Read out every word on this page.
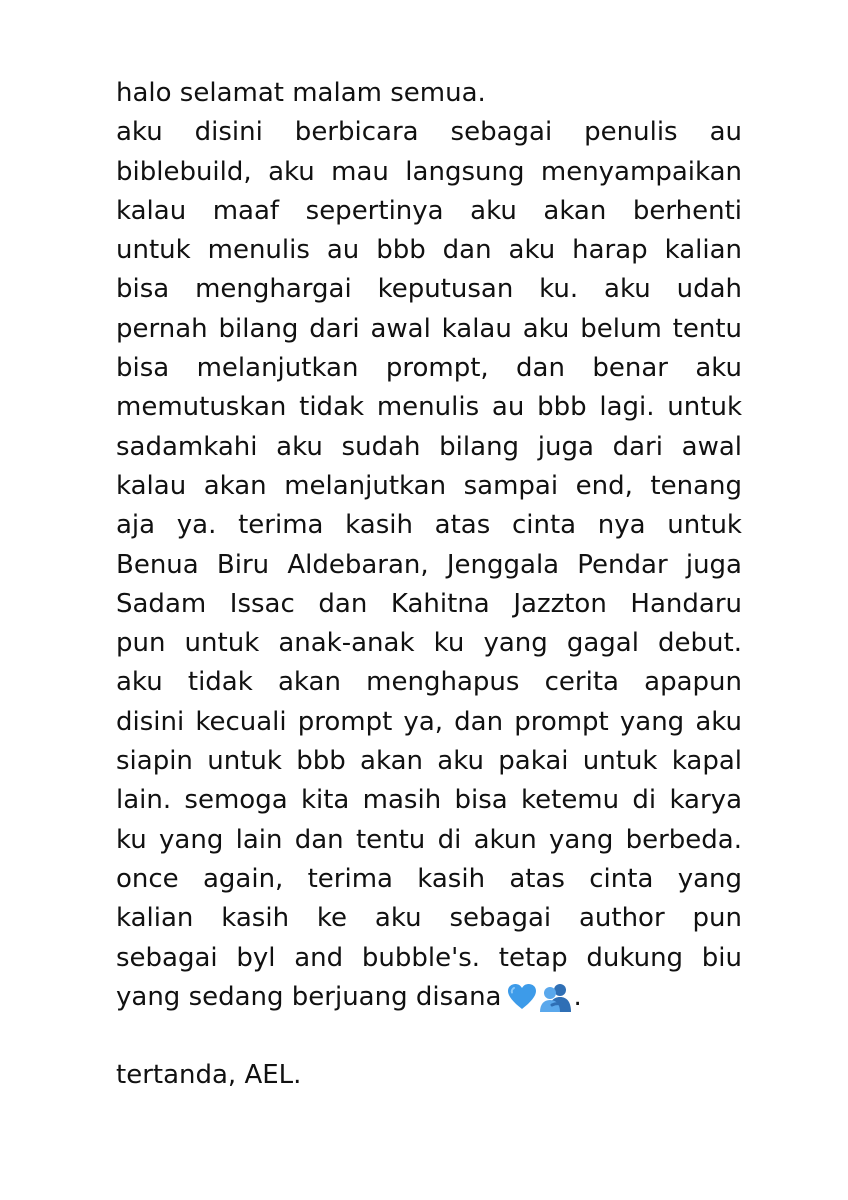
halo selamat malam semua.
aku disini berbicara sebagai penulis au
biblebuild, aku mau langsung menyampaikan
kalau maaf sepertinya aku akan berhenti
untuk menulis au bbb dan aku harap kalian
bisa menghargai keputusan ku. aku udah
pernah bilang dari awal kalau aku belum tentu
bisa melanjutkan prompt, dan benar aku
memutuskan tidak menulis au bbb lagi. untuk
sadamkahi aku sudah bilang juga dari awal
kalau akan melanjutkan sampai end, tenang
aja ya. terima kasih atas cinta nya untuk
Benua Biru Aldebaran, Jenggala Pendar juga
Sadam Issac dan Kahitna Jazzton Handaru
pun untuk anak-anak ku yang gagal debut.
aku tidak akan menghapus cerita apapun
disini kecuali prompt ya, dan prompt yang aku
siapin untuk bbb akan aku pakai untuk kapal
lain. semoga kita masih bisa ketemu di karya
ku yang lain dan tentu di akun yang berbeda.
once again, terima kasih atas cinta yang
kalian kasih ke aku sebagai author pun
sebagai byl and bubble's. tetap dukung biu
yang sedang berjuang disana	.
tertanda, AEL.
